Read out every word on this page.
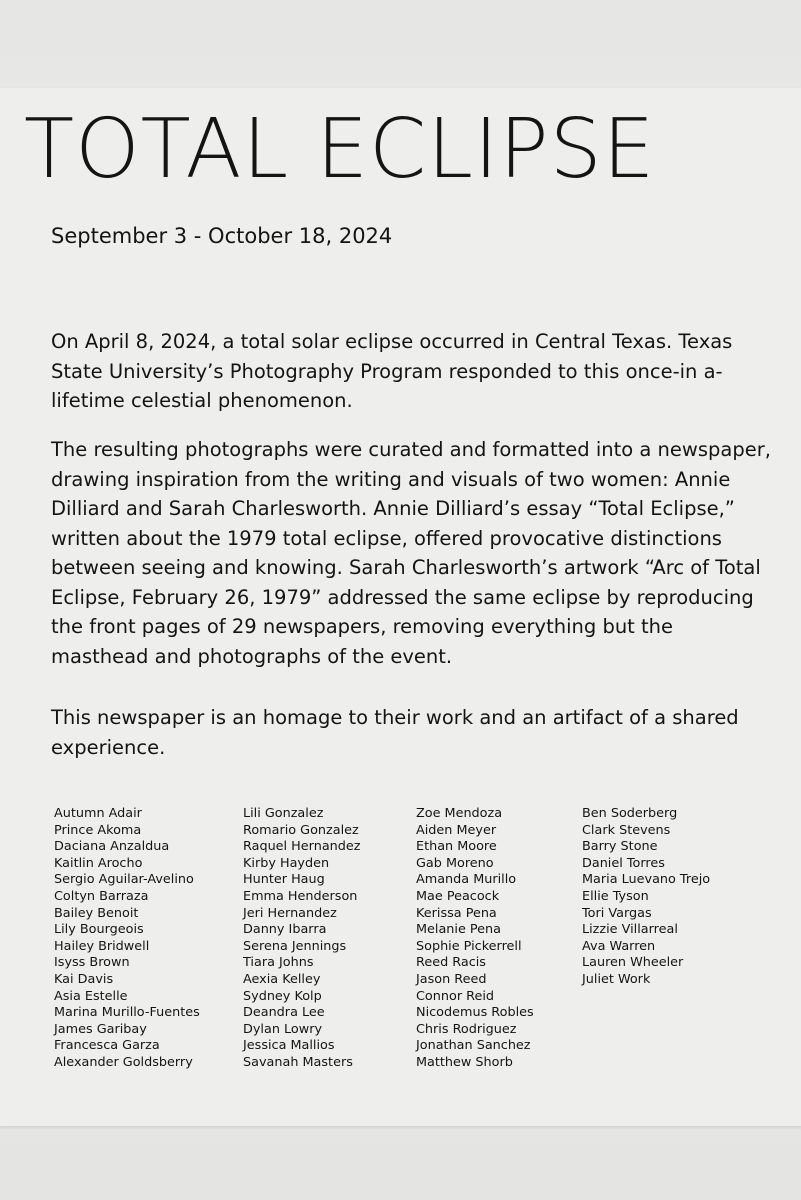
TOTAL ECLIPSE
September 3 - October 18, 2024

On April 8, 2024, a total solar eclipse occurred in Central Texas. Texas State University’s Photography Program responded to this once-in a-lifetime celestial phenomenon.

The resulting photographs were curated and formatted into a newspaper, drawing inspiration from the writing and visuals of two women: Annie Dilliard and Sarah Charlesworth. Annie Dilliard’s essay “Total Eclipse,” written about the 1979 total eclipse, offered provocative distinctions between seeing and knowing. Sarah Charlesworth’s artwork “Arc of Total Eclipse, February 26, 1979” addressed the same eclipse by reproducing the front pages of 29 newspapers, removing everything but the masthead and photographs of the event.

This newspaper is an homage to their work and an artifact of a shared experience.

Autumn Adair
Prince Akoma
Daciana Anzaldua
Kaitlin Arocho
Sergio Aguilar-Avelino
Coltyn Barraza
Bailey Benoit
Lily Bourgeois
Hailey Bridwell
Isyss Brown
Kai Davis
Asia Estelle
Marina Murillo-Fuentes
James Garibay
Francesca Garza
Alexander Goldsberry
Lili Gonzalez
Romario Gonzalez
Raquel Hernandez
Kirby Hayden
Hunter Haug
Emma Henderson
Jeri Hernandez
Danny Ibarra
Serena Jennings
Tiara Johns
Aexia Kelley
Sydney Kolp
Deandra Lee
Dylan Lowry
Jessica Mallios
Savanah Masters
Zoe Mendoza
Aiden Meyer
Ethan Moore
Gab Moreno
Amanda Murillo
Mae Peacock
Kerissa Pena
Melanie Pena
Sophie Pickerrell
Reed Racis
Jason Reed
Connor Reid
Nicodemus Robles
Chris Rodriguez
Jonathan Sanchez
Matthew Shorb
Ben Soderberg
Clark Stevens
Barry Stone
Daniel Torres
Maria Luevano Trejo
Ellie Tyson
Tori Vargas
Lizzie Villarreal
Ava Warren
Lauren Wheeler
Juliet Work
